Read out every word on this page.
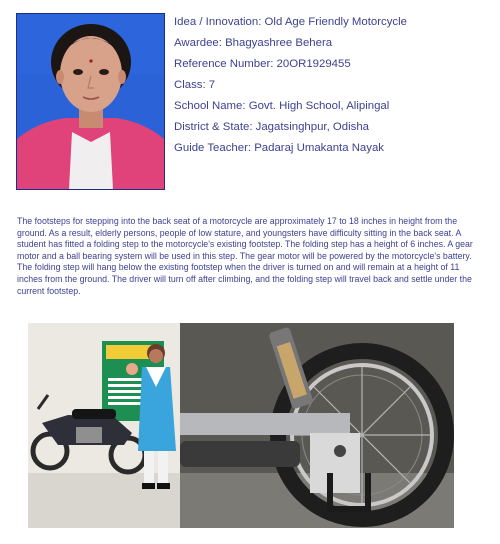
Idea / Innovation: Old Age Friendly Motorcycle
Awardee: Bhagyashree Behera
Reference Number: 20OR1929455
Class: 7
School Name: Govt. High School, Alipingal
District & State: Jagatsinghpur, Odisha
Guide Teacher: Padaraj Umakanta Nayak
The footsteps for stepping into the back seat of a motorcycle are approximately 17 to 18 inches in height from the ground. As a result, elderly persons, people of low stature, and youngsters have difficulty sitting in the back seat. A student has fitted a folding step to the motorcycle's existing footstep. The folding step has a height of 6 inches. A gear motor and a ball bearing system will be used in this step. The gear motor will be powered by the motorcycle's battery. The folding step will hang below the existing footstep when the driver is turned on and will remain at a height of 11 inches from the ground. The driver will turn off after climbing, and the folding step will travel back and settle under the current footstep.
